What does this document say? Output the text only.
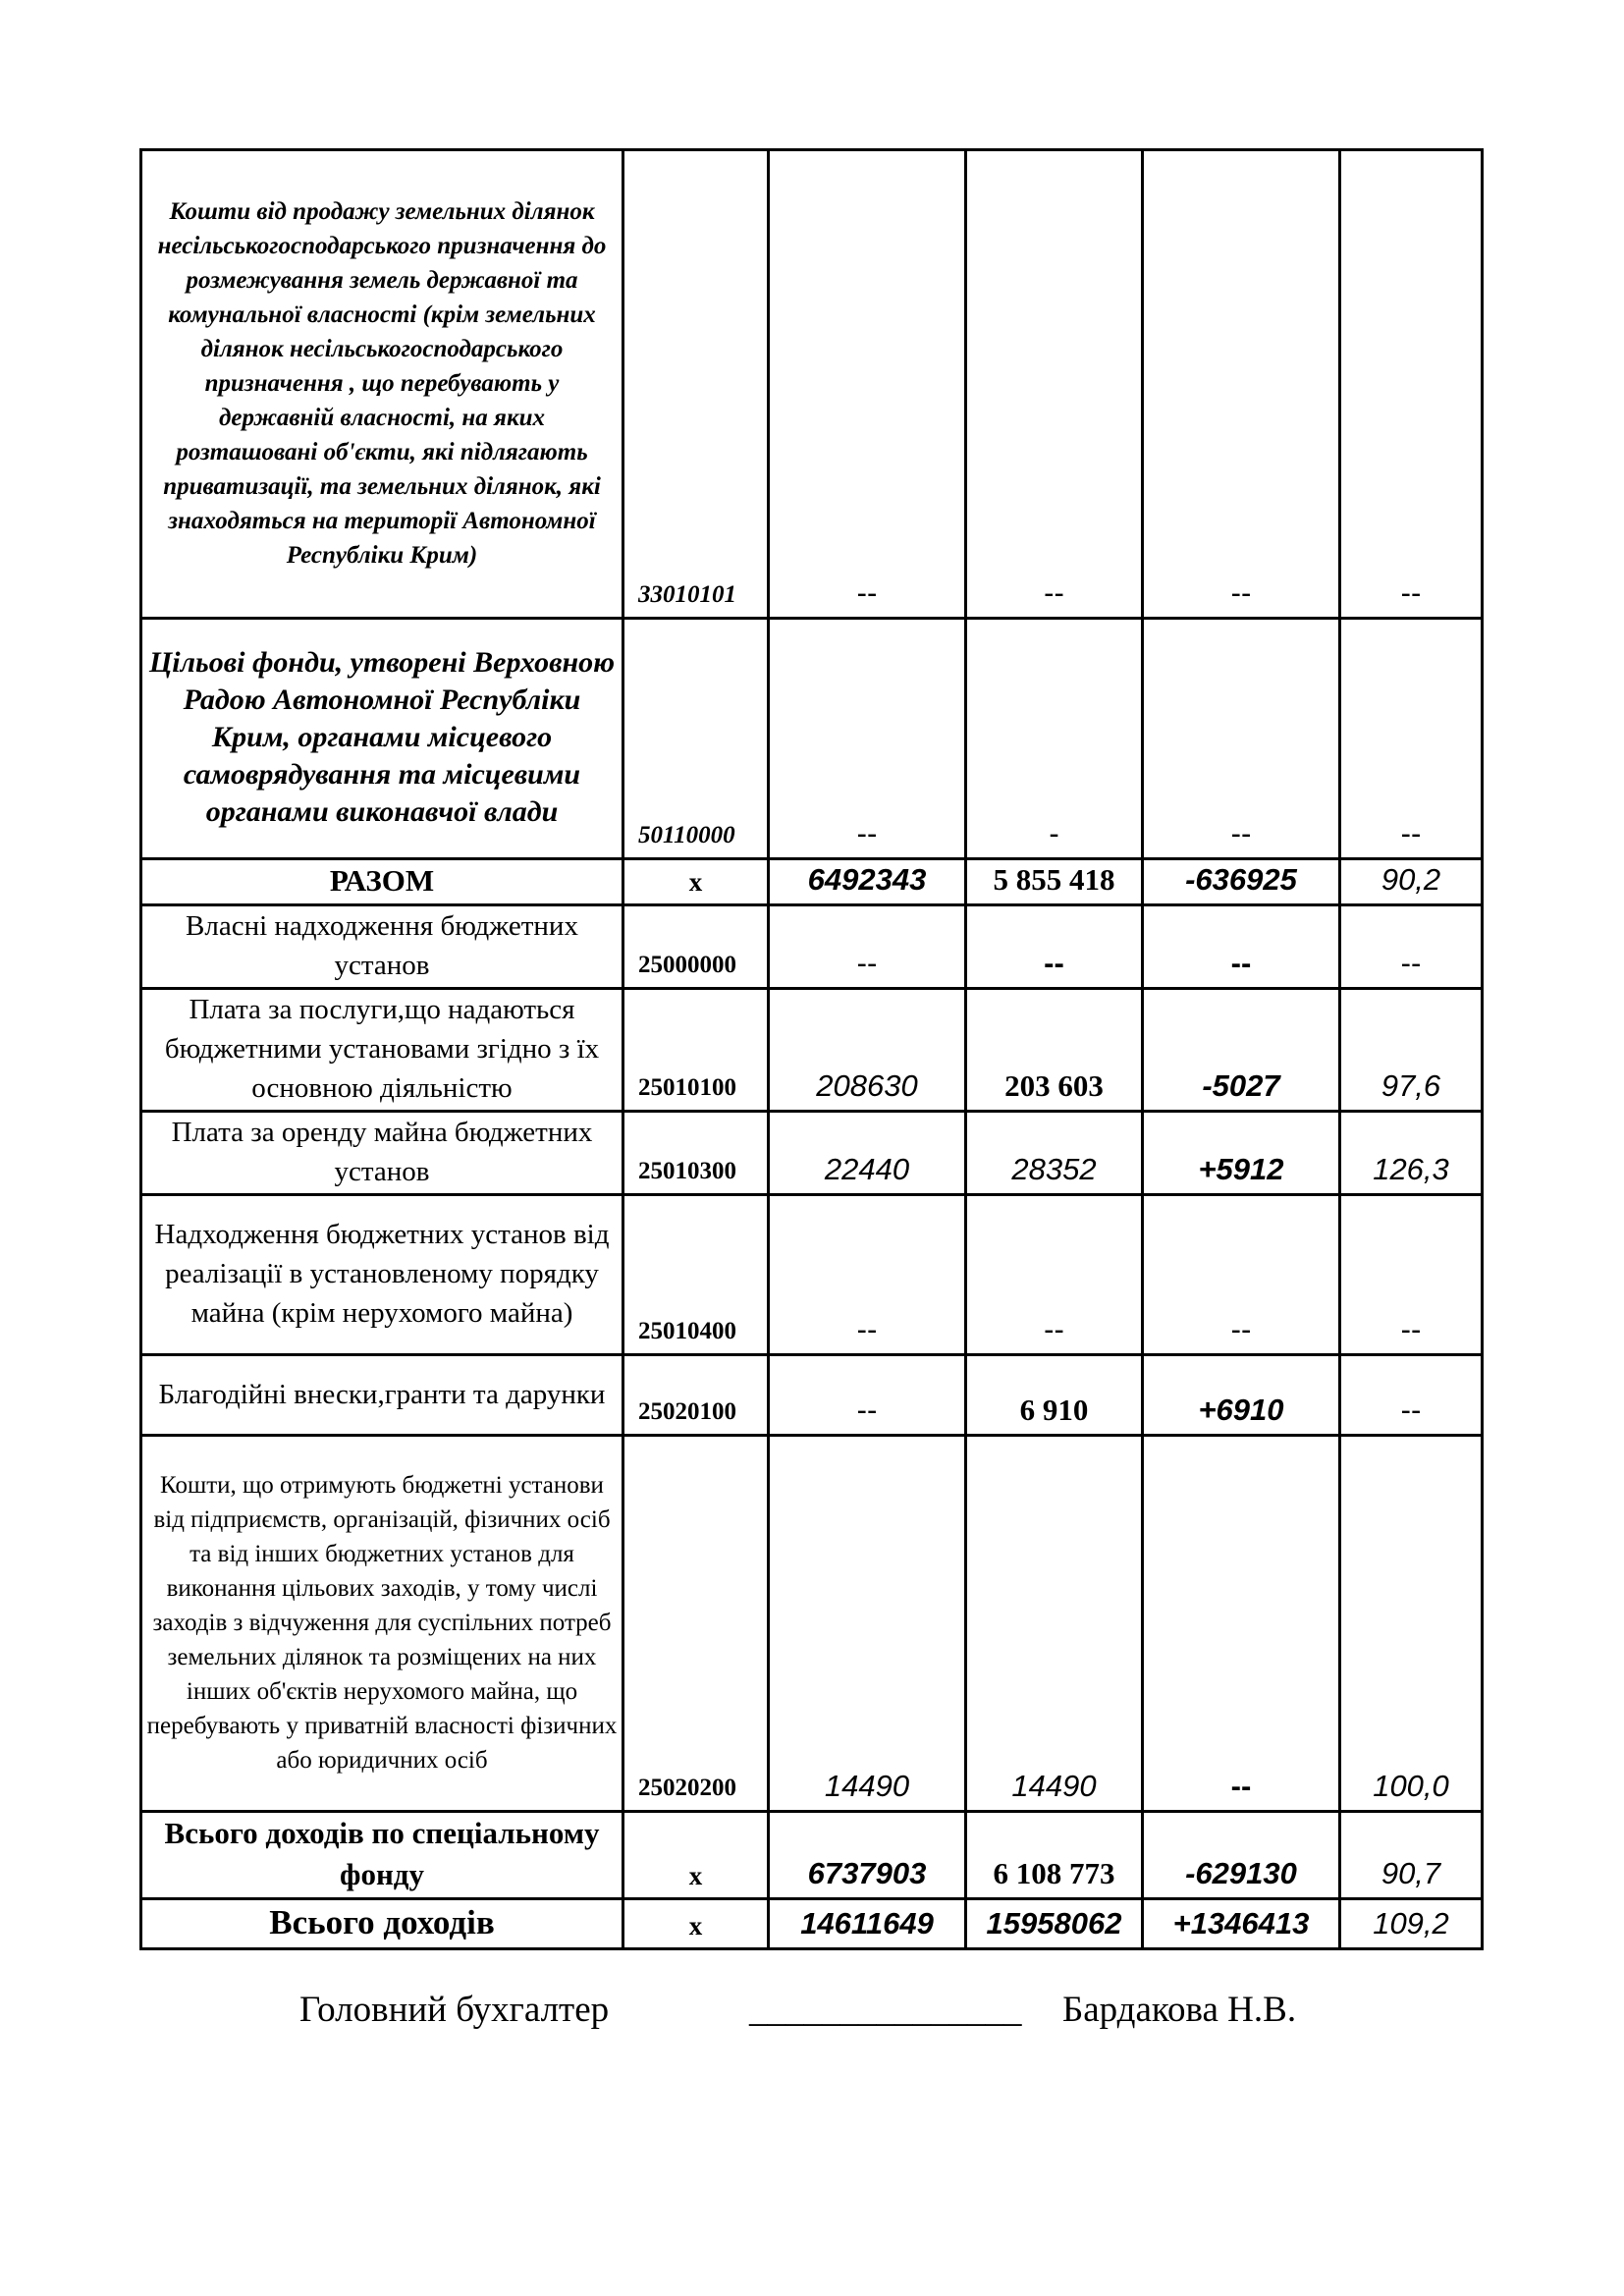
Кошти від продажу земельних ділянок несільськогосподарського призначення до розмежування земель державної та комунальної власності (крім земельних ділянок несільськогосподарського призначення , що перебувають у державній власності, на яких розташовані об'єкти, які підлягають приватизації, та земельних ділянок, які знаходяться на території Автономної Республіки Крим)	33010101	--	--	--	--
Цільові фонди, утворені Верховною Радою Автономної Республіки Крим, органами місцевого самоврядування та місцевими органами виконавчої влади	50110000	--	-	--	--
РАЗОМ	x	6492343	5 855 418	-636925	90,2
Власні надходження бюджетних установ	25000000	--	--	--	--
Плата за послуги,що надаються бюджетними установами згідно з їх основною діяльністю	25010100	208630	203 603	-5027	97,6
Плата за оренду майна бюджетних установ	25010300	22440	28352	+5912	126,3
Надходження бюджетних установ від реалізації в установленому порядку майна (крім нерухомого майна)	25010400	--	--	--	--
Благодійні внески,гранти та дарунки	25020100	--	6 910	+6910	--
Кошти, що отримують бюджетні установи від підприємств, організацій, фізичних осіб та від інших бюджетних установ для виконання цільових заходів, у тому числі заходів з відчуження для суспільних потреб земельних ділянок та розміщених на них інших об'єктів нерухомого майна, що перебувають у приватній власності фізичних або юридичних осіб	25020200	14490	14490	--	100,0
Всього доходів по спеціальному фонду	x	6737903	6 108 773	-629130	90,7
Всього доходів	x	14611649	15958062	+1346413	109,2
Головний бухгалтер	_______________ Бардакова Н.В.
